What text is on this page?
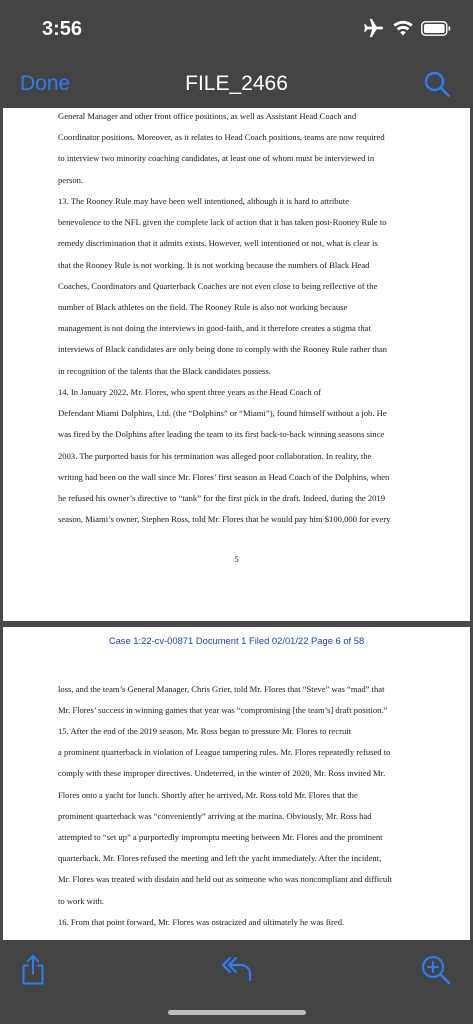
3:56
Done	FILE_2466

General Manager and other front office positions, as well as Assistant Head Coach and
Coordinator positions. Moreover, as it relates to Head Coach positions, teams are now required
to interview two minority coaching candidates, at least one of whom must be interviewed in
person.

13. The Rooney Rule may have been well intentioned, although it is hard to attribute
benevolence to the NFL given the complete lack of action that it has taken post-Rooney Rule to
remedy discrimination that it admits exists. However, well intentioned or not, what is clear is
that the Rooney Rule is not working. It is not working because the numbers of Black Head
Coaches, Coordinators and Quarterback Coaches are not even close to being reflective of the
number of Black athletes on the field. The Rooney Rule is also not working because
management is not doing the interviews in good-faith, and it therefore creates a stigma that
interviews of Black candidates are only being done to comply with the Rooney Rule rather than
in recognition of the talents that the Black candidates possess.

14. In January 2022, Mr. Flores, who spent three years as the Head Coach of
Defendant Miami Dolphins, Ltd. (the “Dolphins” or “Miami”), found himself without a job. He
was fired by the Dolphins after leading the team to its first back-to-back winning seasons since
2003. The purported basis for his termination was alleged poor collaboration. In reality, the
writing had been on the wall since Mr. Flores’ first season as Head Coach of the Dolphins, when
he refused his owner’s directive to “tank” for the first pick in the draft. Indeed, during the 2019
season, Miami’s owner, Stephen Ross, told Mr. Flores that he would pay him $100,000 for every

5
Case 1:22-cv-00871 Document 1 Filed 02/01/22 Page 6 of 58

loss, and the team’s General Manager, Chris Grier, told Mr. Flores that “Steve” was “mad” that
Mr. Flores’ success in winning games that year was “compromising [the team’s] draft position.”

15. After the end of the 2019 season, Mr. Ross began to pressure Mr. Flores to recruit
a prominent quarterback in violation of League tampering rules. Mr. Flores repeatedly refused to
comply with these improper directives. Undeterred, in the winter of 2020, Mr. Ross invited Mr.
Flores onto a yacht for lunch. Shortly after he arrived, Mr. Ross told Mr. Flores that the
prominent quarterback was “conveniently” arriving at the marina. Obviously, Mr. Ross had
attempted to “set up” a purportedly impromptu meeting between Mr. Flores and the prominent
quarterback. Mr. Flores refused the meeting and left the yacht immediately. After the incident,
Mr. Flores was treated with disdain and held out as someone who was noncompliant and difficult
to work with.

16. From that point forward, Mr. Flores was ostracized and ultimately he was fired.
